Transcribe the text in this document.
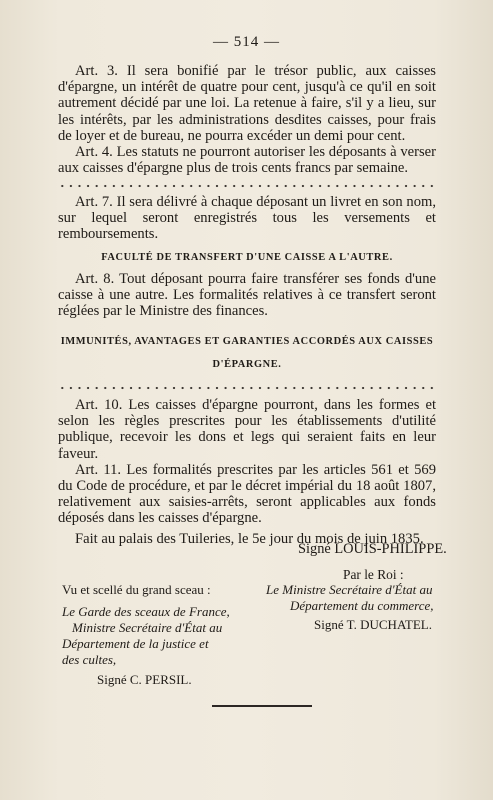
— 514 —

Art. 3. Il sera bonifié par le trésor public, aux caisses d'épargne, un intérêt de quatre pour cent, jusqu'à ce qu'il en soit autrement décidé par une loi. La retenue à faire, s'il y a lieu, sur les intérêts, par les administrations desdites caisses, pour frais de loyer et de bureau, ne pourra excéder un demi pour cent.

Art. 4. Les statuts ne pourront autoriser les déposants à verser aux caisses d'épargne plus de trois cents francs par semaine.

Art. 7. Il sera délivré à chaque déposant un livret en son nom, sur lequel seront enregistrés tous les versements et remboursements.

FACULTÉ DE TRANSFERT D'UNE CAISSE A L'AUTRE.

Art. 8. Tout déposant pourra faire transférer ses fonds d'une caisse à une autre. Les formalités relatives à ce transfert seront réglées par le Ministre des finances.

IMMUNITÉS, AVANTAGES ET GARANTIES ACCORDÉS AUX CAISSES
D'ÉPARGNE.

Art. 10. Les caisses d'épargne pourront, dans les formes et selon les règles prescrites pour les établissements d'utilité publique, recevoir les dons et legs qui seraient faits en leur faveur.

Art. 11. Les formalités prescrites par les articles 561 et 569 du Code de procédure, et par le décret impérial du 18 août 1807, relativement aux saisies-arrêts, seront applicables aux fonds déposés dans les caisses d'épargne.

Fait au palais des Tuileries, le 5e jour du mois de juin 1835.

Signé LOUIS-PHILIPPE.
Par le Roi :
Vu et scellé du grand sceau :	Le Ministre Secrétaire d'État au
Département du commerce,
Signé T. DUCHATEL.
Le Garde des sceaux de France,
Ministre Secrétaire d'État au
Département de la justice et
des cultes,
Signé C. PERSIL.
